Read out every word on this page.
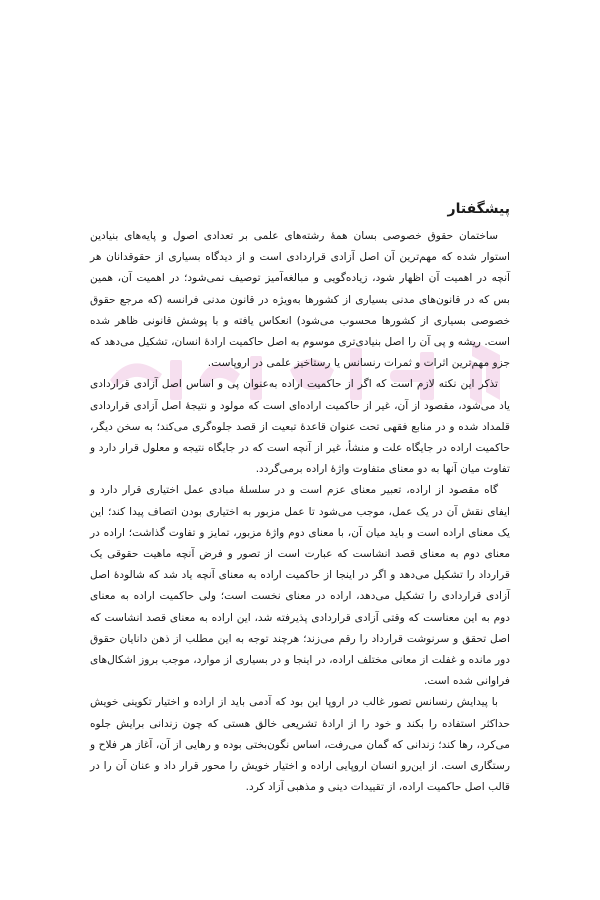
پیشگفتار

ساختمان حقوق خصوصی بسان همهٔ رشته‌های علمی بر تعدادی اصول و پایه‌های بنیادین استوار شده که مهم‌ترین آن اصل آزادی قراردادی است و از دیدگاه بسیاری از حقوقدانان هر آنچه در اهمیت آن اظهار شود، زیاده‌گویی و مبالغه‌آمیز توصیف نمی‌شود؛ در اهمیت آن، همین بس که در قانون‌های مدنی بسیاری از کشورها به‌ویژه در قانون مدنی فرانسه (که مرجع حقوق خصوصی بسیاری از کشورها محسوب می‌شود) انعکاس یافته و با پوشش قانونی ظاهر شده است. ریشه و پی آن را اصل بنیادی‌تری موسوم به اصل حاکمیت ارادهٔ انسان، تشکیل می‌دهد که جزو مهم‌ترین اثرات و ثمرات رنسانس یا رستاخیز علمی در اروپاست.

تذکر این نکته لازم است که اگر از حاکمیت اراده به‌عنوان پی و اساس اصل آزادی قراردادی یاد می‌شود، مقصود از آن، غیر از حاکمیت اراده‌ای است که مولود و نتیجهٔ اصل آزادی قراردادی قلمداد شده و در منابع فقهی تحت عنوان قاعدهٔ تبعیت از قصد جلوه‌گری می‌کند؛ به سخن دیگر، حاکمیت اراده در جایگاه علت و منشأ، غیر از آنچه است که در جایگاه نتیجه و معلول قرار دارد و تفاوت میان آنها به دو معنای متفاوت واژهٔ اراده برمی‌گردد.

گاه مقصود از اراده، تعبیر معنای عزم است و در سلسلهٔ مبادی عمل اختیاری قرار دارد و ایفای نقش آن در یک عمل، موجب می‌شود تا عمل مزبور به اختیاری بودن اتصاف پیدا کند؛ این یک معنای اراده است و باید میان آن، با معنای دوم واژهٔ مزبور، تمایز و تفاوت گذاشت؛ اراده در معنای دوم به معنای قصد انشاست که عبارت است از تصور و فرض آنچه ماهیت حقوقی یک قرارداد را تشکیل می‌دهد و اگر در اینجا از حاکمیت اراده به معنای آنچه یاد شد که شالودهٔ اصل آزادی قراردادی را تشکیل می‌دهد، اراده در معنای نخست است؛ ولی حاکمیت اراده به معنای دوم به این معناست که وقتی آزادی قراردادی پذیرفته شد، این اراده به معنای قصد انشاست که اصل تحقق و سرنوشت قرارداد را رقم می‌زند؛ هرچند توجه به این مطلب از ذهن دانایان حقوق دور مانده و غفلت از معانی مختلف اراده، در اینجا و در بسیاری از موارد، موجب بروز اشکال‌های فراوانی شده است.

با پیدایش رنسانس تصور غالب در اروپا این بود که آدمی باید از اراده و اختیار تکوینی خویش حداکثر استفاده را بکند و خود را از ارادهٔ تشریعی خالق هستی که چون زندانی برایش جلوه می‌کرد، رها کند؛ زندانی که گمان می‌رفت، اساس نگون‌بختی بوده و رهایی از آن، آغاز هر فلاح و رستگاری است. از این‌رو انسان اروپایی اراده و اختیار خویش را محور قرار داد و عنان آن را در قالب اصل حاکمیت اراده، از تقییدات دینی و مذهبی آزاد کرد.
